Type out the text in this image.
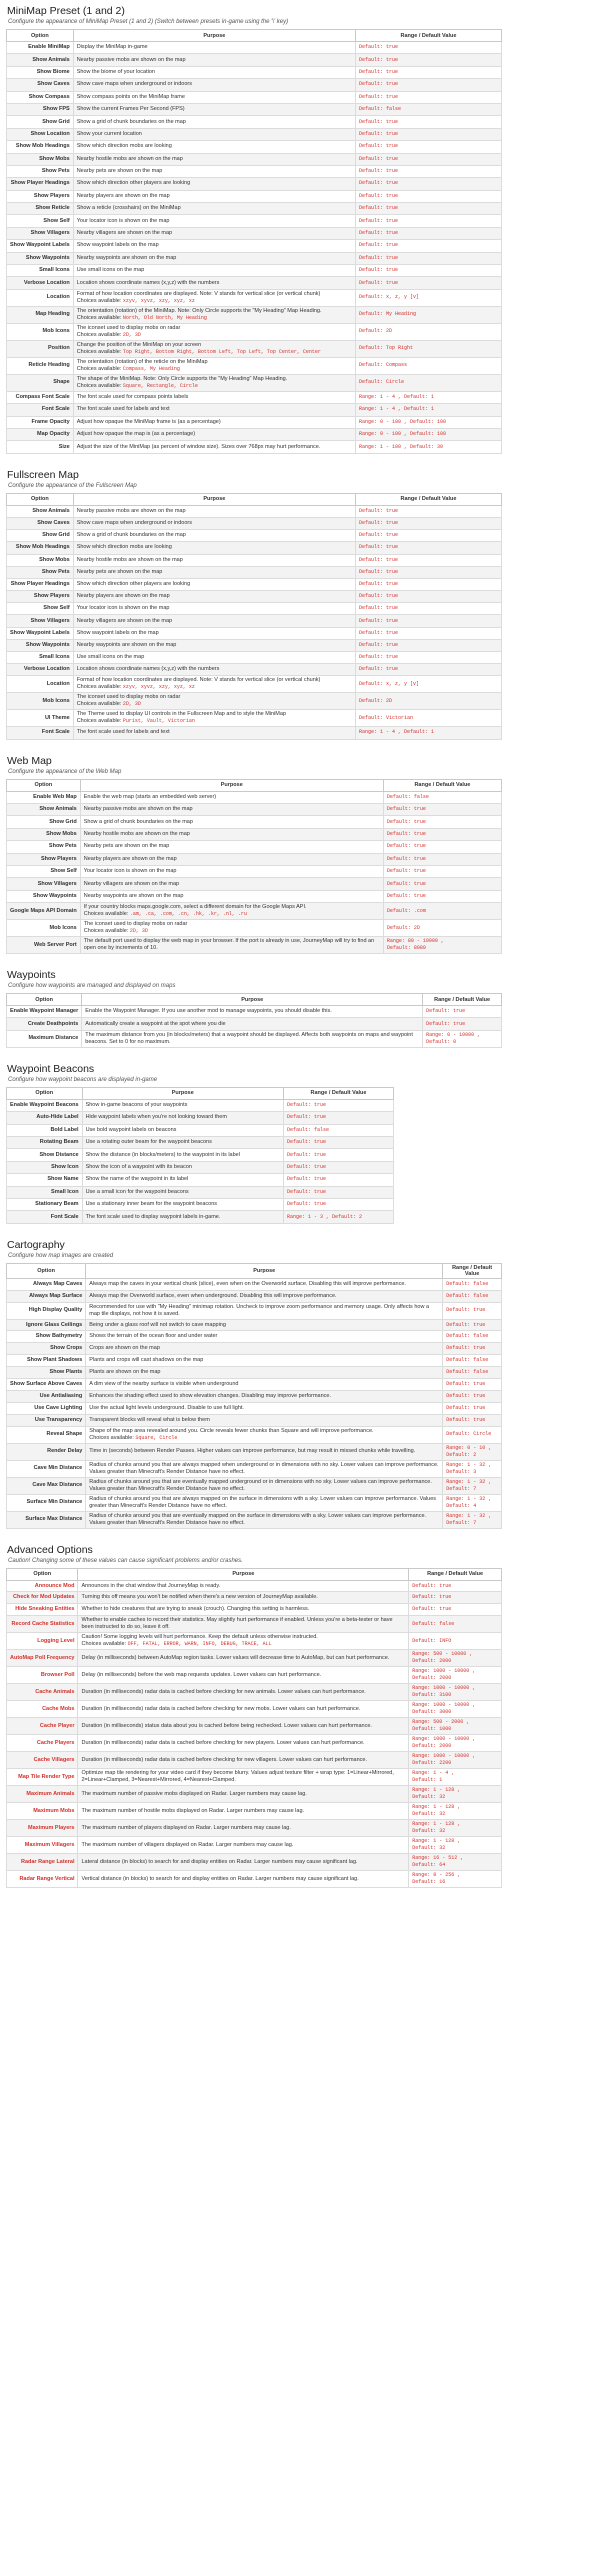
MiniMap Preset (1 and 2)
Configure the appearance of MiniMap Preset (1 and 2) (Switch between presets in-game using the '\' key)
Option	Purpose	Range / Default Value
Enable MiniMap	Display the MiniMap in-game	Default: true

Show Animals	Nearby passive mobs are shown on the map	Default: true

Show Biome	Show the biome of your location	Default: true

Show Caves	Show cave maps when underground or indoors	Default: true

Show Compass	Show compass points on the MiniMap frame	Default: true

Show FPS	Show the current Frames Per Second (FPS)	Default: false

Show Grid	Show a grid of chunk boundaries on the map	Default: true

Show Location	Show your current location	Default: true

Show Mob Headings	Show which direction mobs are looking	Default: true

Show Mobs	Nearby hostile mobs are shown on the map	Default: true

Show Pets	Nearby pets are shown on the map	Default: true

Show Player Headings	Show which direction other players are looking	Default: true

Show Players	Nearby players are shown on the map	Default: true

Show Reticle	Show a reticle (crosshairs) on the MiniMap	Default: true

Show Self	Your locator icon is shown on the map	Default: true

Show Villagers	Nearby villagers are shown on the map	Default: true

Show Waypoint Labels	Show waypoint labels on the map	Default: true

Show Waypoints	Nearby waypoints are shown on the map	Default: true

Small Icons	Use small icons on the map	Default: true

Verbose Location	Location shows coordinate names (x,y,z) with the numbers	Default: true

Location	Format of how location coordinates are displayed. Note: V stands for vertical slice (or vertical chunk)
Choices available: xzyv, xyvz, xzy, xyz, xz	Default: x, z, y [v]

Map Heading	The orientation (rotation) of the MiniMap. Note: Only Circle supports the "My Heading" Map Heading.
Choices available: North, Old North, My Heading	Default: My Heading

Mob Icons	The iconset used to display mobs on radar
Choices available: 2D, 3D	Default: 2D

Position	Change the position of the MiniMap on your screen
Choices available: Top Right, Bottom Right, Bottom Left, Top Left, Top Center, Center	Default: Top Right

Reticle Heading	The orientation (rotation) of the reticle on the MiniMap
Choices available: Compass, My Heading	Default: Compass

Shape	The shape of the MiniMap. Note: Only Circle supports the "My Heading" Map Heading.
Choices available: Square, Rectangle, Circle	Default: Circle

Compass Font Scale	The font scale used for compass points labels	Range: 1 - 4 , Default: 1

Font Scale	The font scale used for labels and text	Range: 1 - 4 , Default: 1

Frame Opacity	Adjust how opaque the MiniMap frame is (as a percentage)	Range: 0 - 100 , Default: 100

Map Opacity	Adjust how opaque the map is (as a percentage)	Range: 0 - 100 , Default: 100

Size	Adjust the size of the MiniMap (as percent of window size). Sizes over 768px may hurt performance.	Range: 1 - 100 , Default: 30
Fullscreen Map
Configure the appearance of the Fullscreen Map
Option	Purpose	Range / Default Value
Show Animals	Nearby passive mobs are shown on the map	Default: true

Show Caves	Show cave maps when underground or indoors	Default: true

Show Grid	Show a grid of chunk boundaries on the map	Default: true

Show Mob Headings	Show which direction mobs are looking	Default: true

Show Mobs	Nearby hostile mobs are shown on the map	Default: true

Show Pets	Nearby pets are shown on the map	Default: true

Show Player Headings	Show which direction other players are looking	Default: true

Show Players	Nearby players are shown on the map	Default: true

Show Self	Your locator icon is shown on the map	Default: true

Show Villagers	Nearby villagers are shown on the map	Default: true

Show Waypoint Labels	Show waypoint labels on the map	Default: true

Show Waypoints	Nearby waypoints are shown on the map	Default: true

Small Icons	Use small icons on the map	Default: true

Verbose Location	Location shows coordinate names (x,y,z) with the numbers	Default: true

Location	Format of how location coordinates are displayed. Note: V stands for vertical slice (or vertical chunk)
Choices available: xzyv, xyvz, xzy, xyz, xz	Default: x, z, y [v]

Mob Icons	The iconset used to display mobs on radar
Choices available: 2D, 3D	Default: 2D

UI Theme	The Theme used to display UI controls in the Fullscreen Map and to style the MiniMap
Choices available: Purist, Vault, Victorian	Default: Victorian

Font Scale	The font scale used for labels and text	Range: 1 - 4 , Default: 1
Web Map
Configure the appearance of the Web Map
Option	Purpose	Range / Default Value
Enable Web Map	Enable the web map (starts an embedded web server)	Default: false

Show Animals	Nearby passive mobs are shown on the map	Default: true

Show Grid	Show a grid of chunk boundaries on the map	Default: true

Show Mobs	Nearby hostile mobs are shown on the map	Default: true

Show Pets	Nearby pets are shown on the map	Default: true

Show Players	Nearby players are shown on the map	Default: true

Show Self	Your locator icon is shown on the map	Default: true

Show Villagers	Nearby villagers are shown on the map	Default: true

Show Waypoints	Nearby waypoints are shown on the map	Default: true

Google Maps API Domain	If your country blocks maps.google.com, select a different domain for the Google Maps API.
Choices available: .am, .ca, .com, .cn, .hk, .kr, .nl, .ru	Default: .com

Mob Icons	The iconset used to display mobs on radar
Choices available: 2D, 3D	Default: 2D

Web Server Port	The default port used to display the web map in your browser. If the port is already in use, JourneyMap will try to find an open one by increments of 10.	Range: 80 - 10000 ,
Default: 8080
Waypoints
Configure how waypoints are managed and displayed on maps
Option	Purpose	Range / Default Value
Enable Waypoint Manager	Enable the Waypoint Manager. If you use another mod to manage waypoints, you should disable this.	Default: true

Create Deathpoints	Automatically create a waypoint at the spot where you die	Default: true

Maximum Distance	The maximum distance from you (in blocks/meters) that a waypoint should be displayed. Affects both waypoints on maps and waypoint beacons. Set to 0 for no maximum.	Range: 0 - 10000 ,
Default: 0
Waypoint Beacons
Configure how waypoint beacons are displayed in-game
Option	Purpose	Range / Default Value
Enable Waypoint Beacons	Show in-game beacons of your waypoints	Default: true

Auto-Hide Label	Hide waypoint labels when you're not looking toward them	Default: true

Bold Label	Use bold waypoint labels on beacons	Default: false

Rotating Beam	Use a rotating outer beam for the waypoint beacons	Default: true

Show Distance	Show the distance (in blocks/meters) to the waypoint in its label	Default: true

Show Icon	Show the icon of a waypoint with its beacon	Default: true

Show Name	Show the name of the waypoint in its label	Default: true

Small Icon	Use a small icon for the waypoint beacons	Default: true

Stationary Beam	Use a stationary inner beam for the waypoint beacons	Default: true

Font Scale	The font scale used to display waypoint labels in-game.	Range: 1 - 3 , Default: 2
Cartography
Configure how map images are created
Option	Purpose	Range / Default Value
Always Map Caves	Always map the caves in your vertical chunk (slice), even when on the Overworld surface. Disabling this will improve performance.	Default: false

Always Map Surface	Always map the Overworld surface, even when underground. Disabling this will improve performance.	Default: false

High Display Quality	Recommended for use with "My Heading" minimap rotation. Uncheck to improve zoom performance and memory usage. Only affects how a map tile displays, not how it is saved.	Default: true

Ignore Glass Ceilings	Being under a glass roof will not switch to cave mapping	Default: true

Show Bathymetry	Shows the terrain of the ocean floor and under water	Default: false

Show Crops	Crops are shown on the map	Default: true

Show Plant Shadows	Plants and crops will cast shadows on the map	Default: false

Show Plants	Plants are shown on the map	Default: false

Show Surface Above Caves	A dim view of the nearby surface is visible when underground	Default: true

Use Antialiasing	Enhances the shading effect used to show elevation changes. Disabling may improve performance.	Default: true

Use Cave Lighting	Use the actual light levels underground. Disable to use full light.	Default: true

Use Transparency	Transparent blocks will reveal what is below them	Default: true

Reveal Shape	Shape of the map area revealed around you. Circle reveals fewer chunks than Square and will improve performance.
Choices available: Square, Circle	Default: Circle

Render Delay	Time in (seconds) between Render Passes. Higher values can improve performance, but may result in missed chunks while travelling.	Range: 0 - 10 ,
Default: 2

Cave Min Distance	Radius of chunks around you that are always mapped when underground or in dimensions with no sky. Lower values can improve performance. Values greater than Minecraft's Render Distance have no effect.	Range: 1 - 32 ,
Default: 3

Cave Max Distance	Radius of chunks around you that are eventually mapped underground or in dimensions with no sky. Lower values can improve performance. Values greater than Minecraft's Render Distance have no effect.	Range: 1 - 32 ,
Default: 7

Surface Min Distance	Radius of chunks around you that are always mapped on the surface in dimensions with a sky. Lower values can improve performance. Values greater than Minecraft's Render Distance have no effect.	Range: 1 - 32 ,
Default: 4

Surface Max Distance	Radius of chunks around you that are eventually mapped on the surface in dimensions with a sky. Lower values can improve performance. Values greater than Minecraft's Render Distance have no effect.	Range: 1 - 32 ,
Default: 7
Advanced Options
Caution! Changing some of these values can cause significant problems and/or crashes.
Option	Purpose	Range / Default Value
Announce Mod	Announces in the chat window that JourneyMap is ready.	Default: true

Check for Mod Updates	Turning this off means you won't be notified when there's a new version of JourneyMap available.	Default: true

Hide Sneaking Entities	Whether to hide creatures that are trying to sneak (crouch). Changing this setting is harmless.	Default: true

Record Cache Statistics	Whether to enable caches to record their statistics. May slightly hurt performance if enabled. Unless you're a beta-tester or have been instructed to do so, leave it off.	Default: false

Logging Level	Caution! Some logging levels will hurt performance. Keep the default unless otherwise instructed.
Choices available: OFF, FATAL, ERROR, WARN, INFO, DEBUG, TRACE, ALL	Default: INFO

AutoMap Poll Frequency	Delay (in milliseconds) between AutoMap region tasks. Lower values will decrease time to AutoMap, but can hurt performance.	Range: 500 - 10000 ,
Default: 2000

Browser Poll	Delay (in milliseconds) before the web map requests updates. Lower values can hurt performance.	Range: 1000 - 10000 ,
Default: 2000

Cache Animals	Duration (in milliseconds) radar data is cached before checking for new animals. Lower values can hurt performance.	Range: 1000 - 10000 ,
Default: 3100

Cache Mobs	Duration (in milliseconds) radar data is cached before checking for new mobs. Lower values can hurt performance.	Range: 1000 - 10000 ,
Default: 3000

Cache Player	Duration (in milliseconds) status data about you is cached before being rechecked. Lower values can hurt performance.	Range: 500 - 2000 ,
Default: 1000

Cache Players	Duration (in milliseconds) radar data is cached before checking for new players. Lower values can hurt performance.	Range: 1000 - 10000 ,
Default: 2000

Cache Villagers	Duration (in milliseconds) radar data is cached before checking for new villagers. Lower values can hurt performance.	Range: 1000 - 10000 ,
Default: 2200

Map Tile Render Type	Optimize map tile rendering for your video card if they become blurry. Values adjust texture filter + wrap type: 1=Linear+Mirrored, 2=Linear+Clamped, 3=Nearest+Mirrored, 4=Nearest+Clamped.	Range: 1 - 4 ,
Default: 1

Maximum Animals	The maximum number of passive mobs displayed on Radar. Larger numbers may cause lag.	Range: 1 - 128 ,
Default: 32

Maximum Mobs	The maximum number of hostile mobs displayed on Radar. Larger numbers may cause lag.	Range: 1 - 128 ,
Default: 32

Maximum Players	The maximum number of players displayed on Radar. Larger numbers may cause lag.	Range: 1 - 128 ,
Default: 32

Maximum Villagers	The maximum number of villagers displayed on Radar. Larger numbers may cause lag.	Range: 1 - 128 ,
Default: 32

Radar Range Lateral	Lateral distance (in blocks) to search for and display entities on Radar. Larger numbers may cause significant lag.	Range: 16 - 512 ,
Default: 64

Radar Range Vertical	Vertical distance (in blocks) to search for and display entities on Radar. Larger numbers may cause significant lag.	Range: 8 - 256 ,
Default: 16
